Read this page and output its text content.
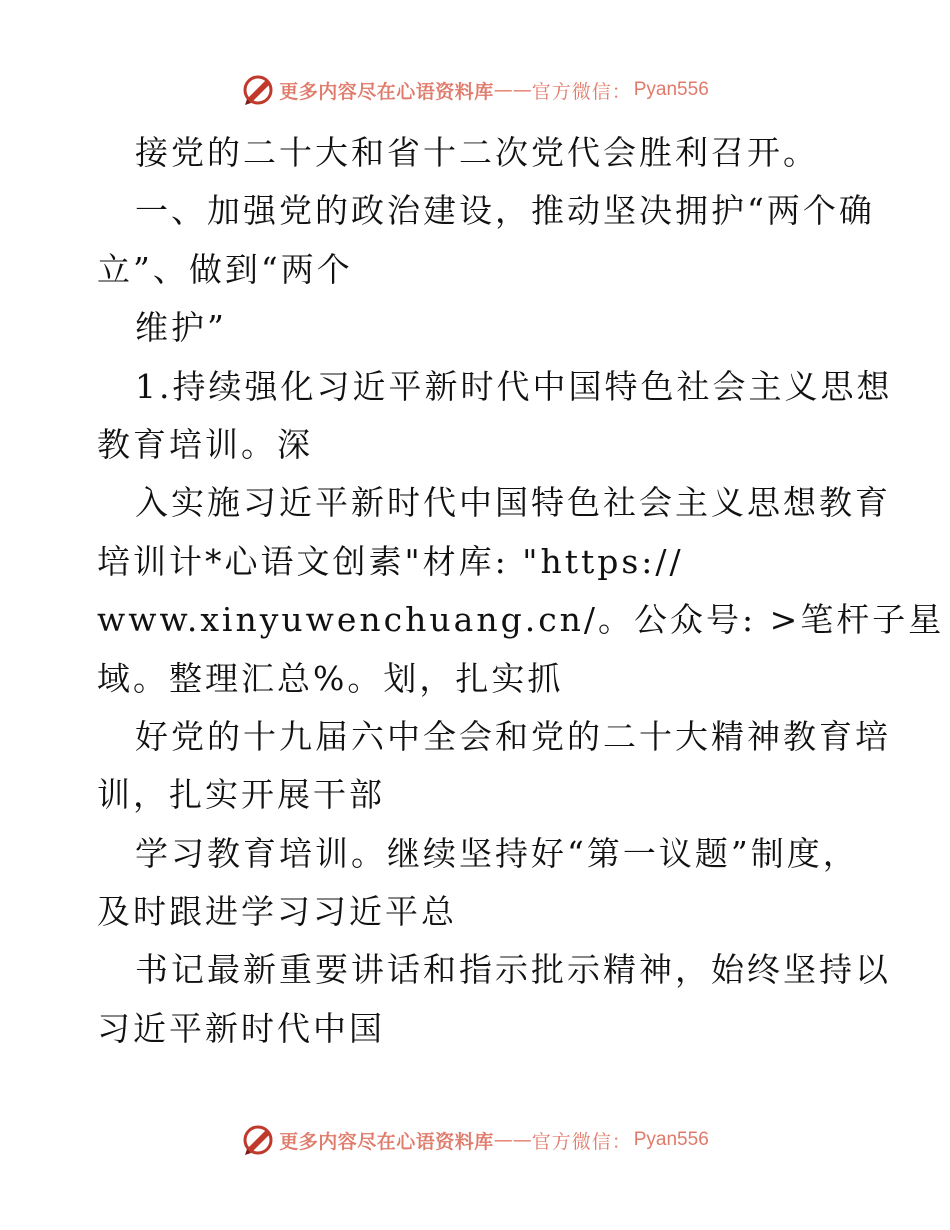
更多内容尽在心语资料库 —— 官方微信： Pyan556
接党的二十大和省十二次党代会胜利召开。
一、加强党的政治建设，推动坚决拥护“两个确
立”、做到“两个
维护”
1.持续强化习近平新时代中国特色社会主义思想
教育培训。深
入实施习近平新时代中国特色社会主义思想教育
培训计*心语文创素"材库: "https://
www.xinyuwenchuang.cn/。公众号: >笔杆子星
域。整理汇总%。划，扎实抓
好党的十九届六中全会和党的二十大精神教育培
训，扎实开展干部
学习教育培训。继续坚持好“第一议题”制度，
及时跟进学习习近平总
书记最新重要讲话和指示批示精神，始终坚持以
习近平新时代中国
更多内容尽在心语资料库 —— 官方微信： Pyan556
